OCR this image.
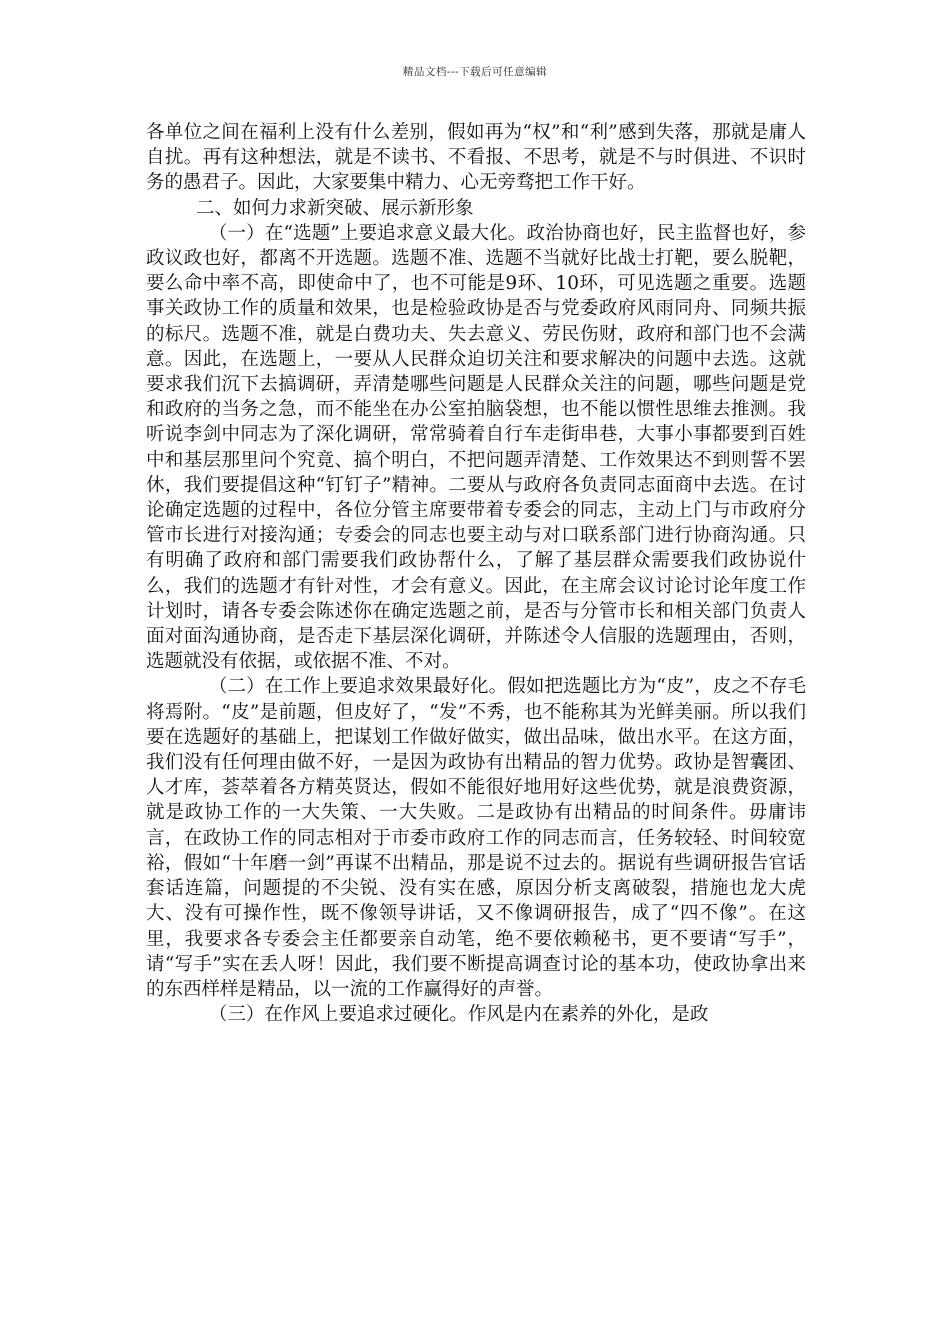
精品文档---下载后可任意编辑

各单位之间在福利上没有什么差别，假如再为“权”和“利”感到失落，那就是庸人自扰。再有这种想法，就是不读书、不看报、不思考，就是不与时俱进、不识时务的愚君子。因此，大家要集中精力、心无旁骛把工作干好。

二、如何力求新突破、展示新形象

（一）在“选题”上要追求意义最大化。政治协商也好，民主监督也好，参政议政也好，都离不开选题。选题不准、选题不当就好比战士打靶，要么脱靶，要么命中率不高，即使命中了，也不可能是9环、10环，可见选题之重要。选题事关政协工作的质量和效果，也是检验政协是否与党委政府风雨同舟、同频共振的标尺。选题不准，就是白费功夫、失去意义、劳民伤财，政府和部门也不会满意。因此，在选题上，一要从人民群众迫切关注和要求解决的问题中去选。这就要求我们沉下去搞调研，弄清楚哪些问题是人民群众关注的问题，哪些问题是党和政府的当务之急，而不能坐在办公室拍脑袋想，也不能以惯性思维去推测。我听说李剑中同志为了深化调研，常常骑着自行车走街串巷，大事小事都要到百姓中和基层那里问个究竟、搞个明白，不把问题弄清楚、工作效果达不到则誓不罢休，我们要提倡这种“钉钉子”精神。二要从与政府各负责同志面商中去选。在讨论确定选题的过程中，各位分管主席要带着专委会的同志，主动上门与市政府分管市长进行对接沟通；专委会的同志也要主动与对口联系部门进行协商沟通。只有明确了政府和部门需要我们政协帮什么，了解了基层群众需要我们政协说什么，我们的选题才有针对性，才会有意义。因此，在主席会议讨论讨论年度工作计划时，请各专委会陈述你在确定选题之前，是否与分管市长和相关部门负责人面对面沟通协商，是否走下基层深化调研，并陈述令人信服的选题理由，否则，选题就没有依据，或依据不准、不对。

（二）在工作上要追求效果最好化。假如把选题比方为“皮”，皮之不存毛将焉附。“皮”是前题，但皮好了，“发”不秀，也不能称其为光鲜美丽。所以我们要在选题好的基础上，把谋划工作做好做实，做出品味，做出水平。在这方面，我们没有任何理由做不好，一是因为政协有出精品的智力优势。政协是智囊团、人才库，荟萃着各方精英贤达，假如不能很好地用好这些优势，就是浪费资源，就是政协工作的一大失策、一大失败。二是政协有出精品的时间条件。毋庸讳言，在政协工作的同志相对于市委市政府工作的同志而言，任务较轻、时间较宽裕，假如“十年磨一剑”再谋不出精品，那是说不过去的。据说有些调研报告官话套话连篇，问题提的不尖锐、没有实在感，原因分析支离破裂，措施也龙大虎大、没有可操作性，既不像领导讲话，又不像调研报告，成了“四不像”。在这里，我要求各专委会主任都要亲自动笔，绝不要依赖秘书，更不要请“写手”，请“写手”实在丢人呀！因此，我们要不断提高调查讨论的基本功，使政协拿出来的东西样样是精品，以一流的工作赢得好的声誉。

（三）在作风上要追求过硬化。作风是内在素养的外化，是政
